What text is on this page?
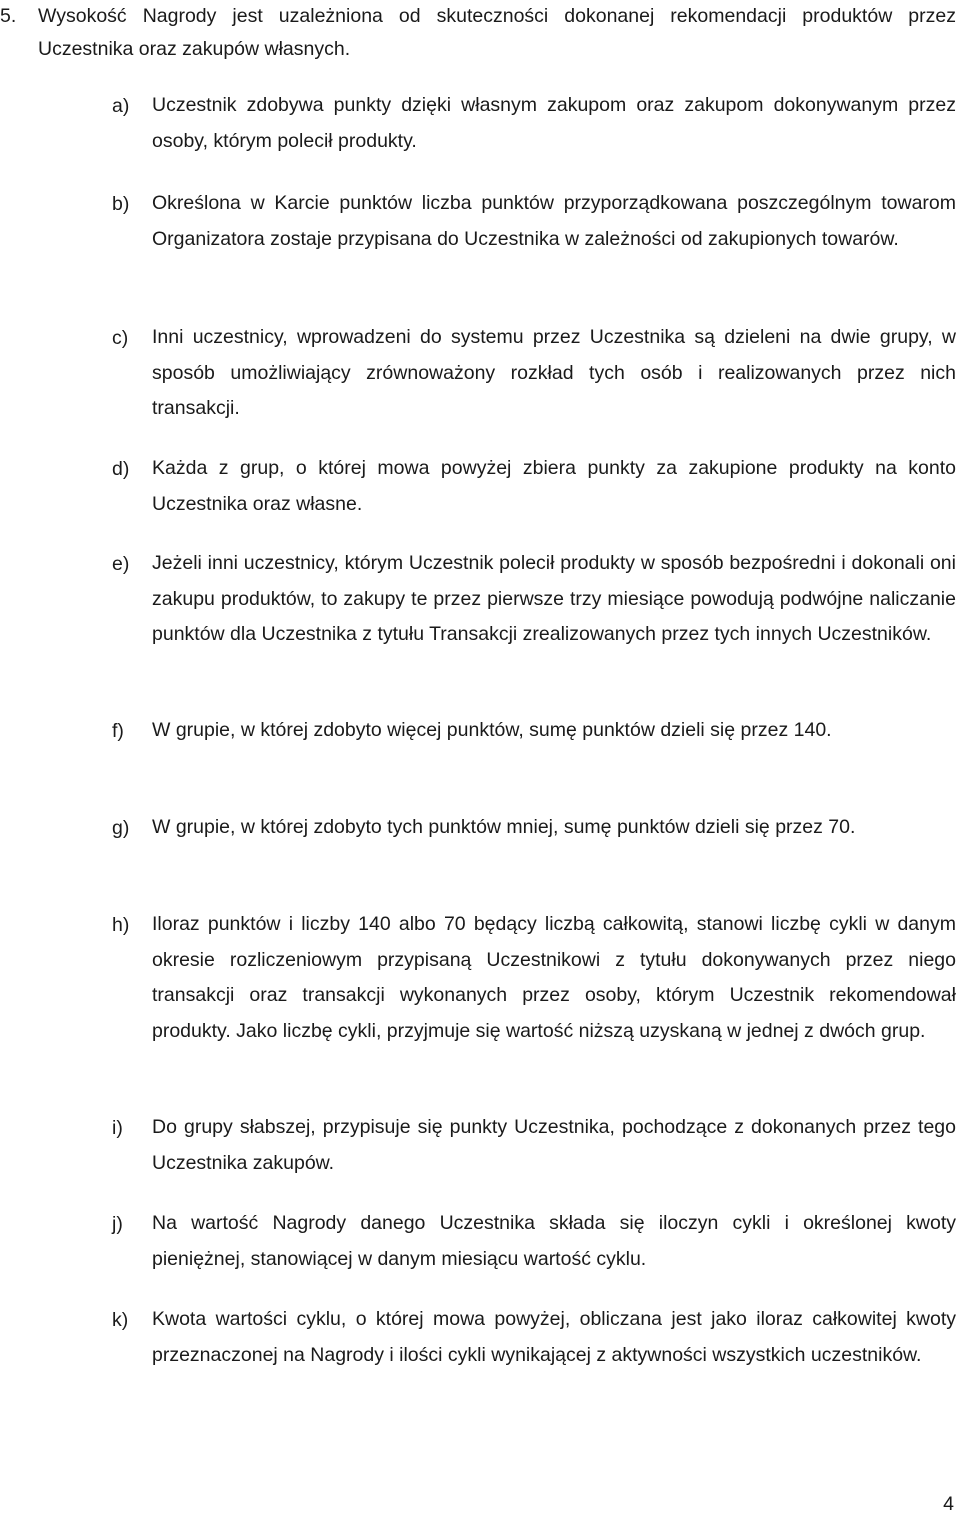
5. Wysokość Nagrody jest uzależniona od skuteczności dokonanej rekomendacji produktów przez Uczestnika oraz zakupów własnych.
a) Uczestnik zdobywa punkty dzięki własnym zakupom oraz zakupom dokonywanym przez osoby, którym polecił produkty.
b) Określona w Karcie punktów liczba punktów przyporządkowana poszczególnym towarom Organizatora zostaje przypisana do Uczestnika w zależności od zakupionych towarów.
c) Inni uczestnicy, wprowadzeni do systemu przez Uczestnika są dzieleni na dwie grupy, w sposób umożliwiający zrównoważony rozkład tych osób i realizowanych przez nich transakcji.
d) Każda z grup, o której mowa powyżej zbiera punkty za zakupione produkty na konto Uczestnika oraz własne.
e) Jeżeli inni uczestnicy, którym Uczestnik polecił produkty w sposób bezpośredni i dokonali oni zakupu produktów, to zakupy te przez pierwsze trzy miesiące powodują podwójne naliczanie punktów dla Uczestnika z tytułu Transakcji zrealizowanych przez tych innych Uczestników.
f) W grupie, w której zdobyto więcej punktów, sumę punktów dzieli się przez 140.
g) W grupie, w której zdobyto tych punktów mniej, sumę punktów dzieli się przez 70.
h) Iloraz punktów i liczby 140 albo 70 będący liczbą całkowitą, stanowi liczbę cykli w danym okresie rozliczeniowym przypisaną Uczestnikowi z tytułu dokonywanych przez niego transakcji oraz transakcji wykonanych przez osoby, którym Uczestnik rekomendował produkty. Jako liczbę cykli, przyjmuje się wartość niższą uzyskaną w jednej z dwóch grup.
i) Do grupy słabszej, przypisuje się punkty Uczestnika, pochodzące z dokonanych przez tego Uczestnika zakupów.
j) Na wartość Nagrody danego Uczestnika składa się iloczyn cykli i określonej kwoty pieniężnej, stanowiącej w danym miesiącu wartość cyklu.
k) Kwota wartości cyklu, o której mowa powyżej, obliczana jest jako iloraz całkowitej kwoty przeznaczonej na Nagrody i ilości cykli wynikającej z aktywności wszystkich uczestników.
4
